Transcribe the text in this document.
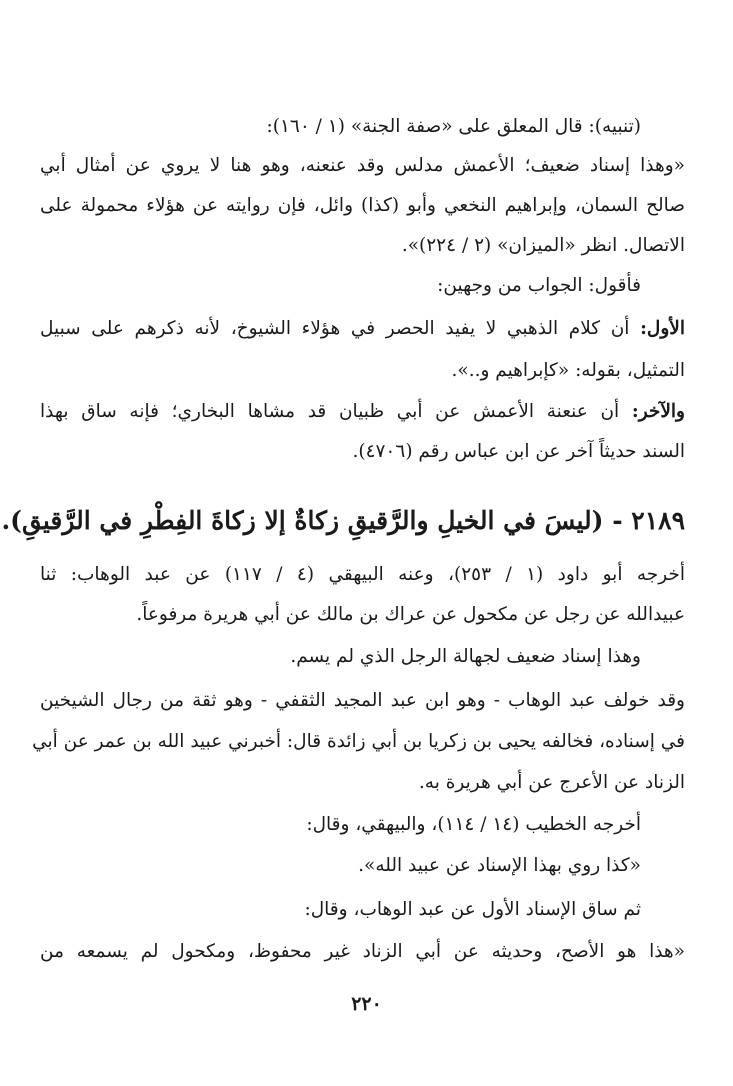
(تنبيه): قال المعلق على «صفة الجنة» (١ / ١٦٠):
«وهذا إسناد ضعيف؛ الأعمش مدلس وقد عنعنه، وهو هنا لا يروي عن أمثال أبي
صالح السمان، وإبراهيم النخعي وأبو (كذا) وائل، فإن روايته عن هؤلاء محمولة على
الاتصال. انظر «الميزان» (٢ / ٢٢٤)».
فأقول: الجواب من وجهين:
الأول: أن كلام الذهبي لا يفيد الحصر في هؤلاء الشيوخ، لأنه ذكرهم على سبيل
التمثيل، بقوله: «كإبراهيم و..».
والآخر: أن عنعنة الأعمش عن أبي ظبيان قد مشاها البخاري؛ فإنه ساق بهذا
السند حديثاً آخر عن ابن عباس رقم (٤٧٠٦).
٢١٨٩ - (ليسَ في الخيلِ والرَّقيقِ زكاةٌ إلا زكاةَ الفِطْرِ في الرَّقيقِ).
أخرجه أبو داود (١ / ٢٥٣)، وعنه البيهقي (٤ / ١١٧) عن عبد الوهاب: ثنا
عبيدالله عن رجل عن مكحول عن عراك بن مالك عن أبي هريرة مرفوعاً.
وهذا إسناد ضعيف لجهالة الرجل الذي لم يسم.
وقد خولف عبد الوهاب - وهو ابن عبد المجيد الثقفي - وهو ثقة من رجال الشيخين
في إسناده، فخالفه يحيى بن زكريا بن أبي زائدة قال: أخبرني عبيد الله بن عمر عن أبي
الزناد عن الأعرج عن أبي هريرة به.
أخرجه الخطيب (١٤ / ١١٤)، والبيهقي، وقال:
«كذا روي بهذا الإسناد عن عبيد الله».
ثم ساق الإسناد الأول عن عبد الوهاب، وقال:
«هذا هو الأصح، وحديثه عن أبي الزناد غير محفوظ، ومكحول لم يسمعه من
٢٢٠
